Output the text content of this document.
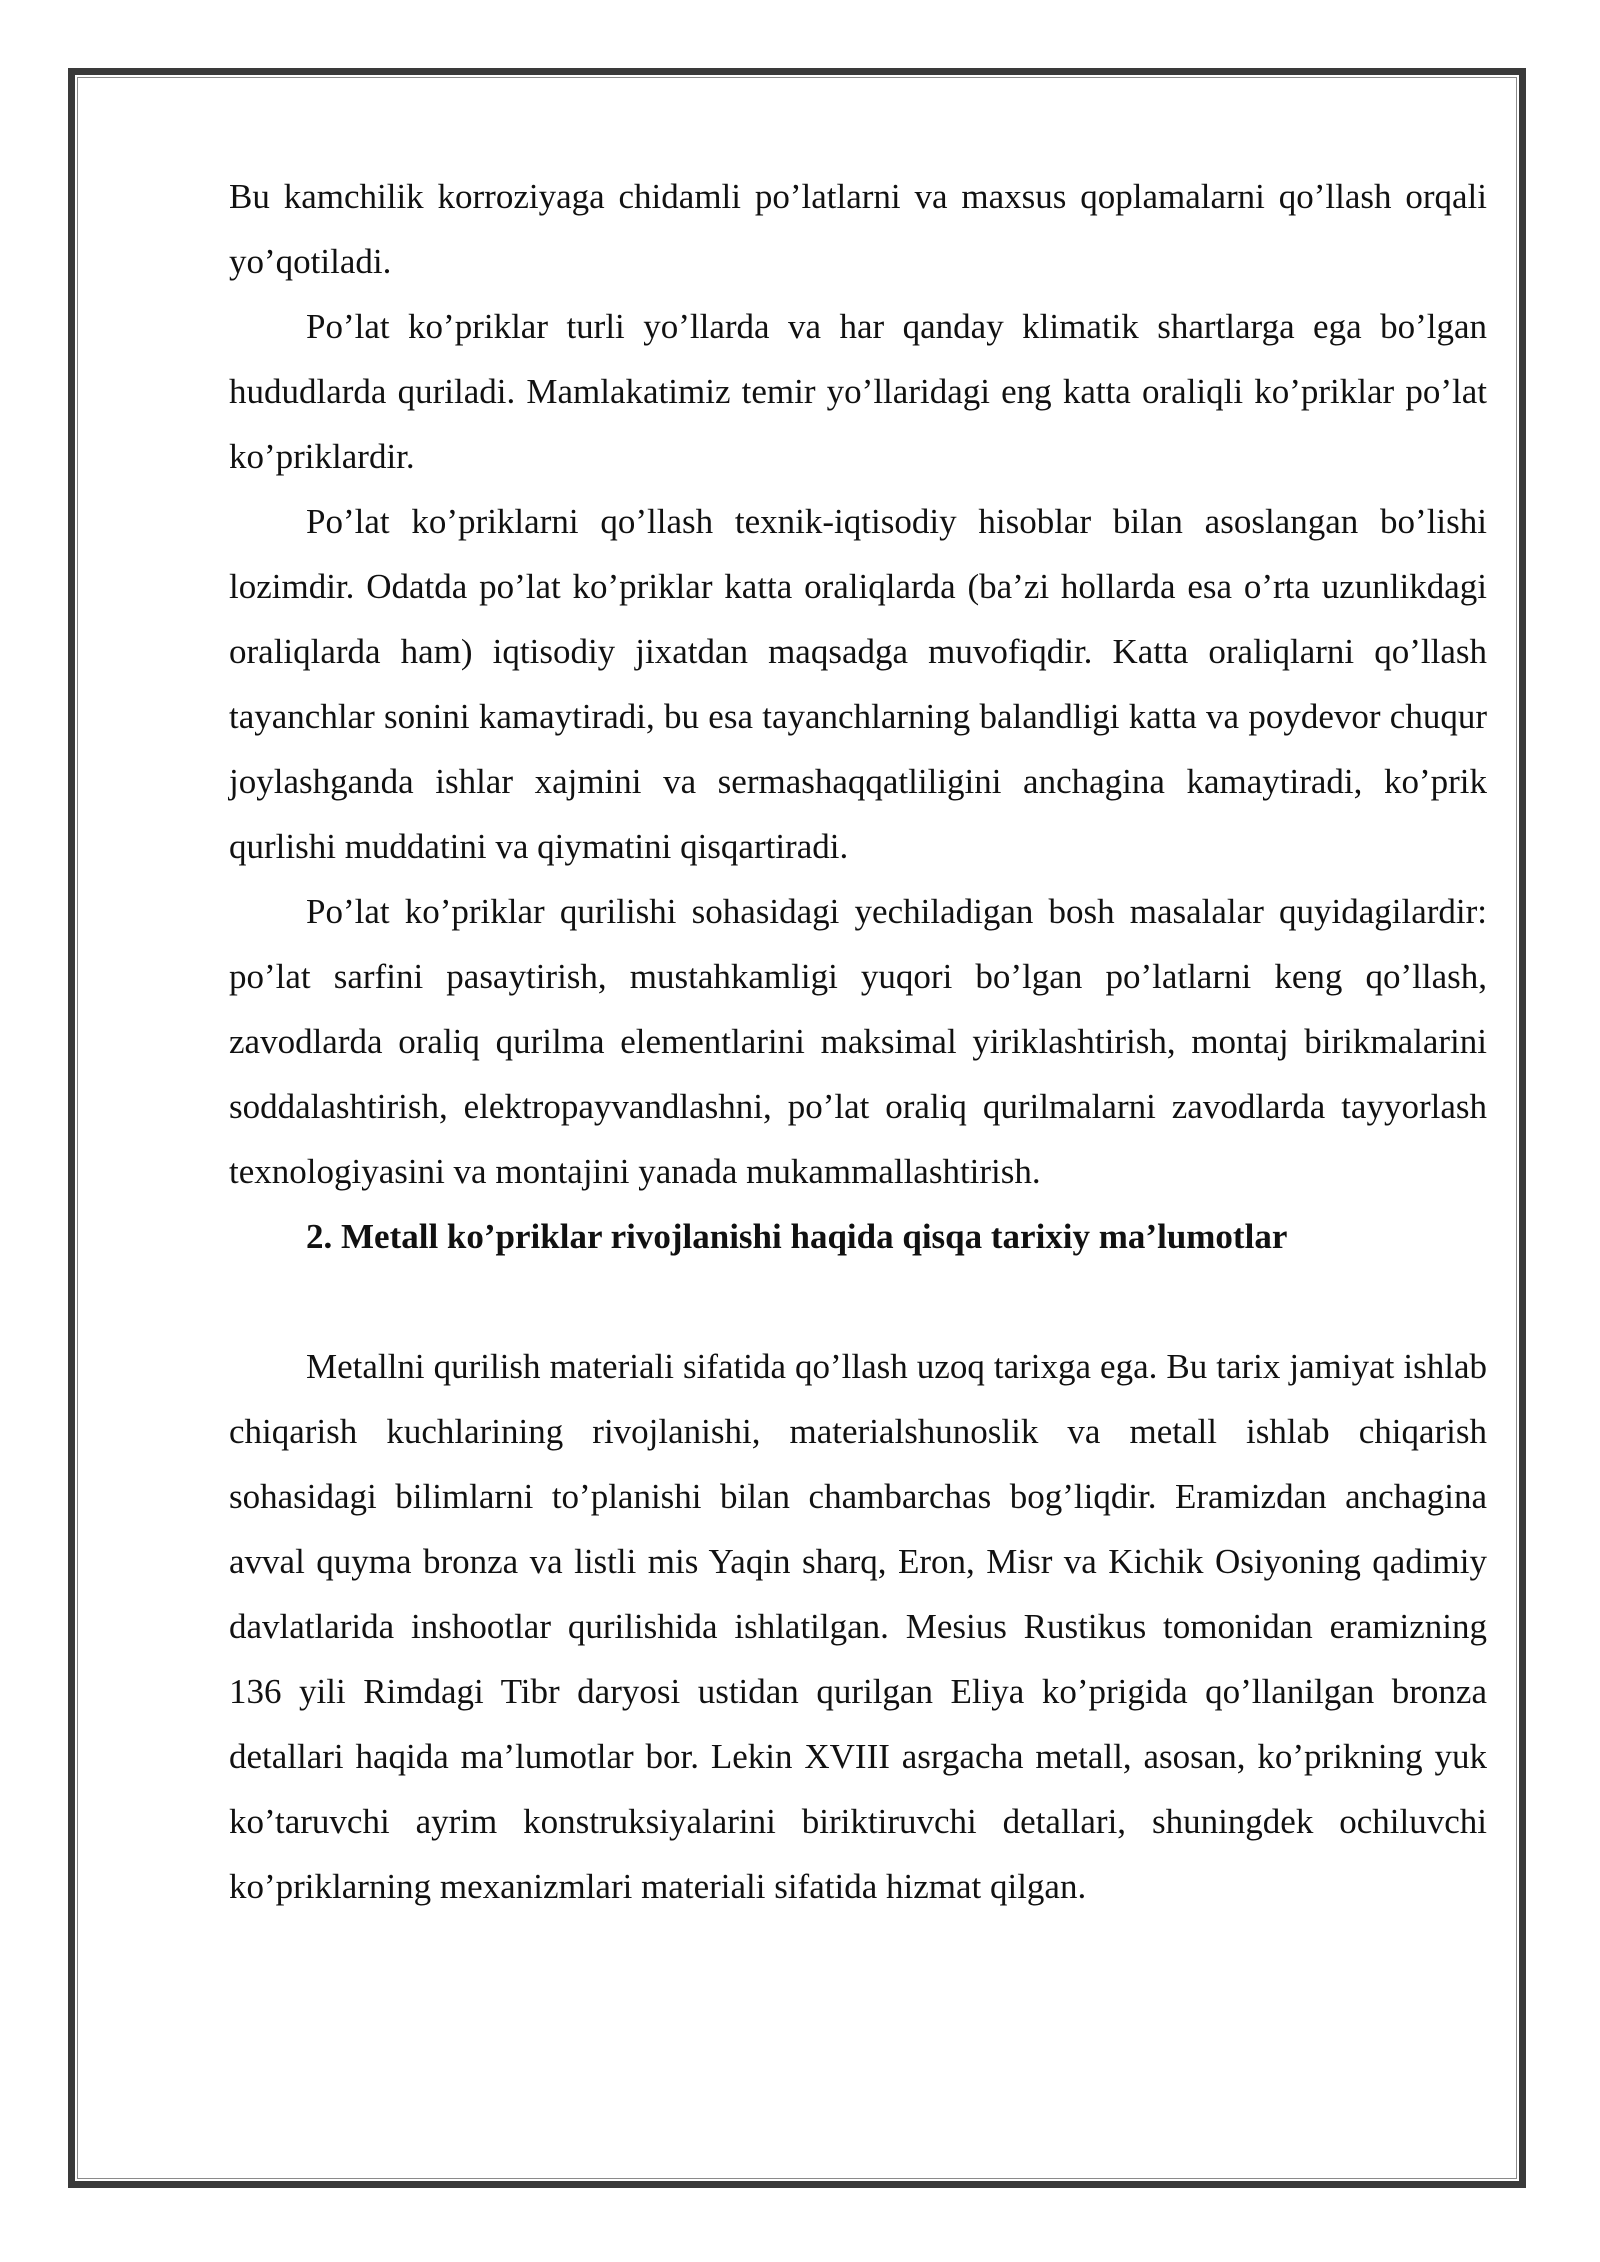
Bu kamchilik korroziyaga chidamli po’latlarni va maxsus qoplamalarni qo’llash orqali yo’qotiladi.

Po’lat ko’priklar turli yo’llarda va har qanday klimatik shartlarga ega bo’lgan hududlarda quriladi. Mamlakatimiz temir yo’llaridagi eng katta oraliqli ko’priklar po’lat ko’priklardir.

Po’lat ko’priklarni qo’llash texnik-iqtisodiy hisoblar bilan asoslangan bo’lishi lozimdir. Odatda po’lat ko’priklar katta oraliqlarda (ba’zi hollarda esa o’rta uzunlikdagi oraliqlarda ham) iqtisodiy jixatdan maqsadga muvofiqdir. Katta oraliqlarni qo’llash tayanchlar sonini kamaytiradi, bu esa tayanchlarning balandligi katta va poydevor chuqur joylashganda ishlar xajmini va sermashaqqatliligini anchagina kamaytiradi, ko’prik qurlishi muddatini va qiymatini qisqartiradi.

Po’lat ko’priklar qurilishi sohasidagi yechiladigan bosh masalalar quyidagilardir: po’lat sarfini pasaytirish, mustahkamligi yuqori bo’lgan po’latlarni keng qo’llash, zavodlarda oraliq qurilma elementlarini maksimal yiriklashtirish, montaj birikmalarini soddalashtirish, elektropayvandlashni, po’lat oraliq qurilmalarni zavodlarda tayyorlash texnologiyasini va montajini yanada mukammallashtirish.

2. Metall ko’priklar rivojlanishi haqida qisqa tarixiy ma’lumotlar

Metallni qurilish materiali sifatida qo’llash uzoq tarixga ega. Bu tarix jamiyat ishlab chiqarish kuchlarining rivojlanishi, materialshunoslik va metall ishlab chiqarish sohasidagi bilimlarni to’planishi bilan chambarchas bog’liqdir. Eramizdan anchagina avval quyma bronza va listli mis Yaqin sharq, Eron, Misr va Kichik Osiyoning qadimiy davlatlarida inshootlar qurilishida ishlatilgan. Mesius Rustikus tomonidan eramizning 136 yili Rimdagi Tibr daryosi ustidan qurilgan Eliya ko’prigida qo’llanilgan bronza detallari haqida ma’lumotlar bor. Lekin XVIII asrgacha metall, asosan, ko’prikning yuk ko’taruvchi ayrim konstruksiyalarini biriktiruvchi detallari, shuningdek ochiluvchi ko’priklarning mexanizmlari materiali sifatida hizmat qilgan.
